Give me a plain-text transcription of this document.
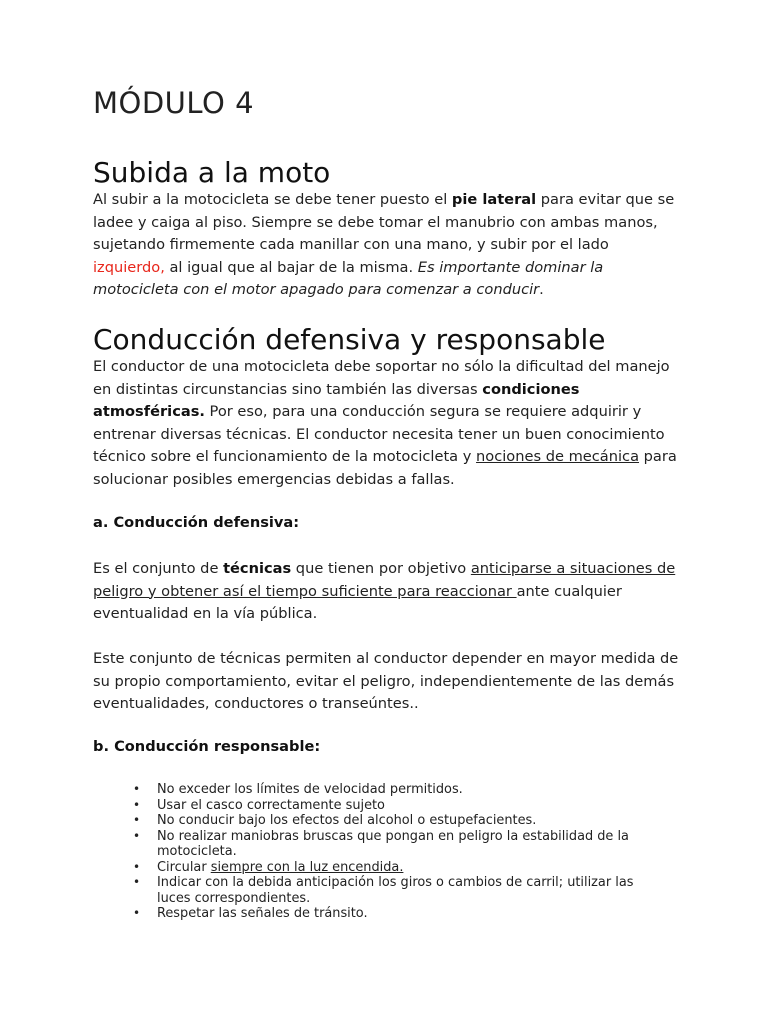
MÓDULO 4
Subida a la moto

Al subir a la motocicleta se debe tener puesto el pie lateral para evitar que se ladee y caiga al piso. Siempre se debe tomar el manubrio con ambas manos, sujetando firmemente cada manillar con una mano, y subir por el lado izquierdo, al igual que al bajar de la misma. Es importante dominar la motocicleta con el motor apagado para comenzar a conducir.

Conducción defensiva y responsable

El conductor de una motocicleta debe soportar no sólo la dificultad del manejo en distintas circunstancias sino también las diversas condiciones atmosféricas. Por eso, para una conducción segura se requiere adquirir y entrenar diversas técnicas. El conductor necesita tener un buen conocimiento técnico sobre el funcionamiento de la motocicleta y nociones de mecánica para solucionar posibles emergencias debidas a fallas.

a. Conducción defensiva:

Es el conjunto de técnicas que tienen por objetivo anticiparse a situaciones de peligro y obtener así el tiempo suficiente para reaccionar ante cualquier eventualidad en la vía pública.

Este conjunto de técnicas permiten al conductor depender en mayor medida de su propio comportamiento, evitar el peligro, independientemente de las demás eventualidades, conductores o transeúntes..

b. Conducción responsable:

• No exceder los límites de velocidad permitidos.
• Usar el casco correctamente sujeto
• No conducir bajo los efectos del alcohol o estupefacientes.
• No realizar maniobras bruscas que pongan en peligro la estabilidad de la motocicleta.
• Circular siempre con la luz encendida.
• Indicar con la debida anticipación los giros o cambios de carril; utilizar las luces correspondientes.
• Respetar las señales de tránsito.
